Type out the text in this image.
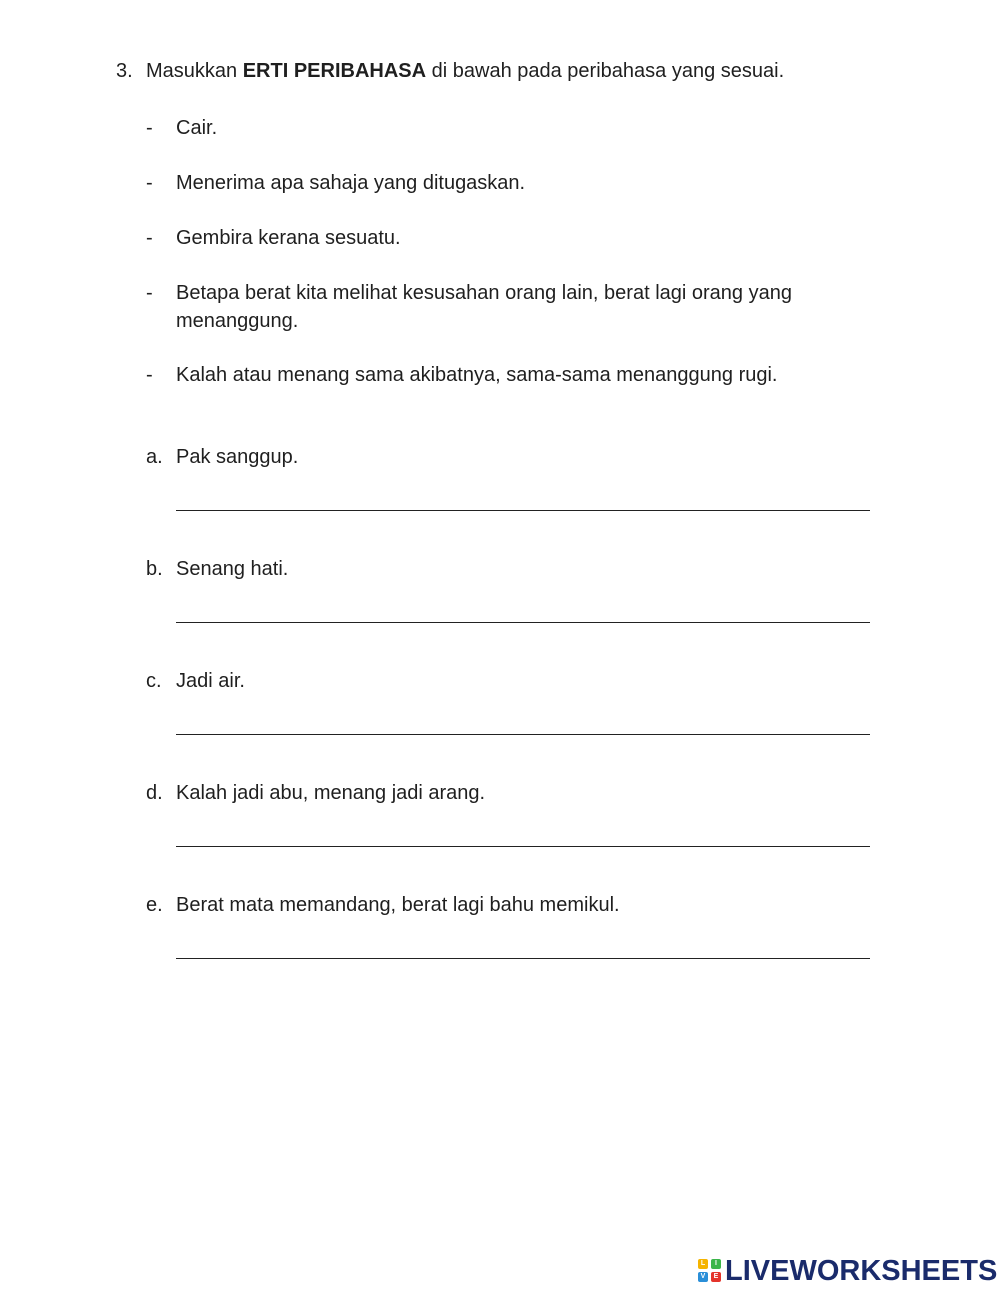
3. Masukkan ERTI PERIBAHASA di bawah pada peribahasa yang sesuai.
- Cair.
- Menerima apa sahaja yang ditugaskan.
- Gembira kerana sesuatu.
- Betapa berat kita melihat kesusahan orang lain, berat lagi orang yang menanggung.
- Kalah atau menang sama akibatnya, sama-sama menanggung rugi.
a. Pak sanggup.
b. Senang hati.
c. Jadi air.
d. Kalah jadi abu, menang jadi arang.
e. Berat mata memandang, berat lagi bahu memikul.
L	I
V	E LIVEWORKSHEETS
